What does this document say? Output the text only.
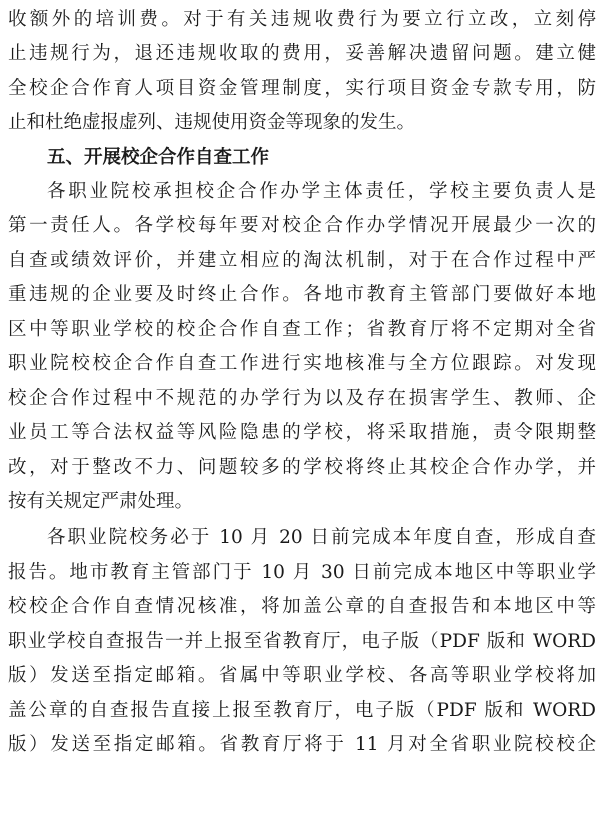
收额外的培训费。对于有关违规收费行为要立行立改，立刻停
止违规行为，退还违规收取的费用，妥善解决遗留问题。建立健
全校企合作育人项目资金管理制度，实行项目资金专款专用，防
止和杜绝虚报虚列、违规使用资金等现象的发生。
五、开展校企合作自查工作
各职业院校承担校企合作办学主体责任，学校主要负责人是
第一责任人。各学校每年要对校企合作办学情况开展最少一次的
自查或绩效评价，并建立相应的淘汰机制，对于在合作过程中严
重违规的企业要及时终止合作。各地市教育主管部门要做好本地
区中等职业学校的校企合作自查工作；省教育厅将不定期对全省
职业院校校企合作自查工作进行实地核准与全方位跟踪。对发现
校企合作过程中不规范的办学行为以及存在损害学生、教师、企
业员工等合法权益等风险隐患的学校，将采取措施，责令限期整
改，对于整改不力、问题较多的学校将终止其校企合作办学，并
按有关规定严肃处理。
各职业院校务必于 10 月 20 日前完成本年度自查，形成自查
报告。地市教育主管部门于 10 月 30 日前完成本地区中等职业学
校校企合作自查情况核准，将加盖公章的自查报告和本地区中等
职业学校自查报告一并上报至省教育厅，电子版（PDF 版和 WORD
版）发送至指定邮箱。省属中等职业学校、各高等职业学校将加
盖公章的自查报告直接上报至教育厅，电子版（PDF 版和 WORD
版）发送至指定邮箱。省教育厅将于 11 月对全省职业院校校企
